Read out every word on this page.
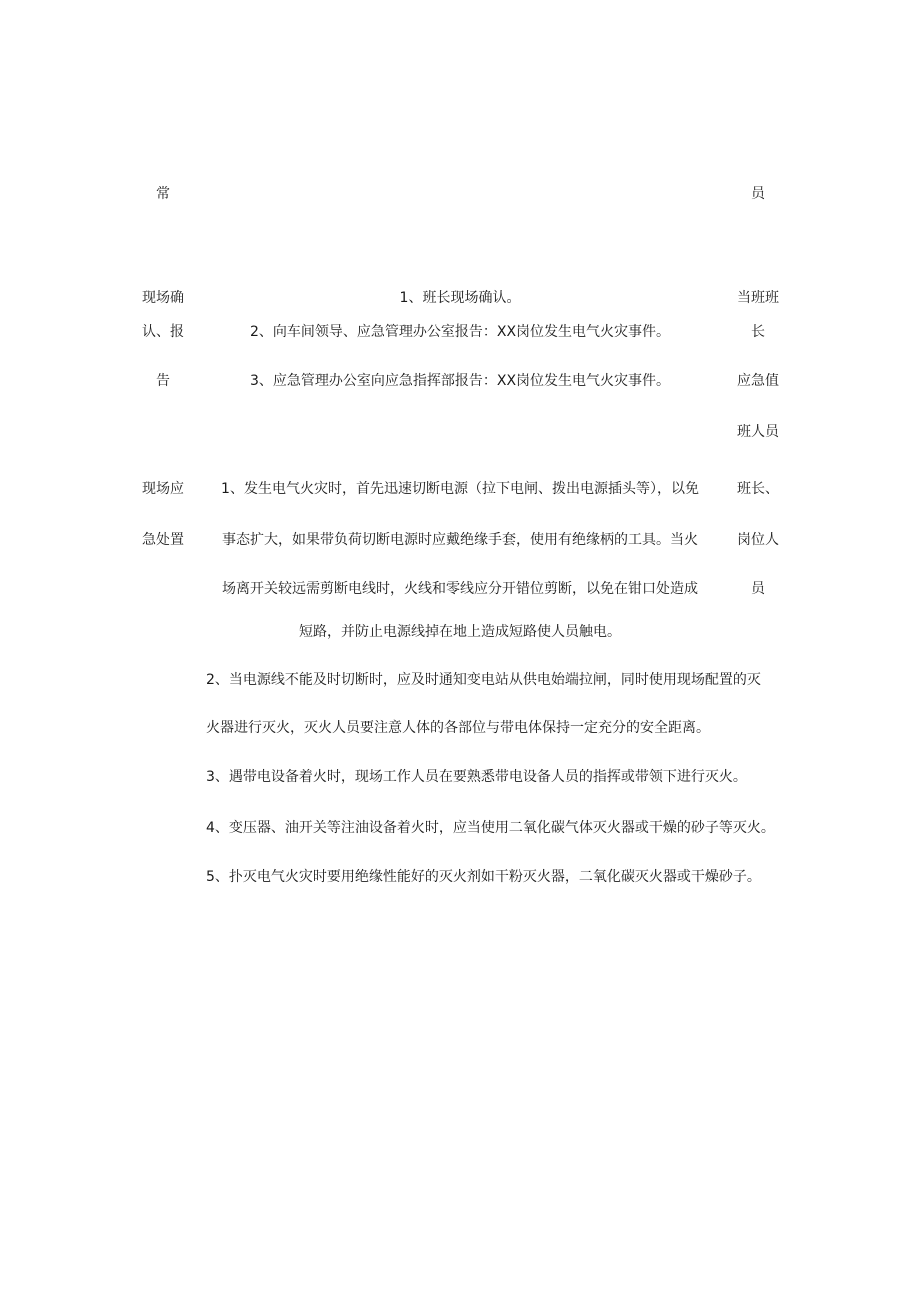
常	员
现场确
认、报
告
1、班长现场确认。
2、向车间领导、应急管理办公室报告：XX岗位发生电气火灾事件。
3、应急管理办公室向应急指挥部报告：XX岗位发生电气火灾事件。
当班班
长
应急值
班人员
现场应
急处置
1、发生电气火灾时，首先迅速切断电源（拉下电闸、拨出电源插头等），以免
事态扩大，如果带负荷切断电源时应戴绝缘手套，使用有绝缘柄的工具。当火
场离开关较远需剪断电线时，火线和零线应分开错位剪断，以免在钳口处造成
短路，并防止电源线掉在地上造成短路使人员触电。
2、当电源线不能及时切断时，应及时通知变电站从供电始端拉闸，同时使用现场配置的灭
火器进行灭火，灭火人员要注意人体的各部位与带电体保持一定充分的安全距离。
3、遇带电设备着火时，现场工作人员在要熟悉带电设备人员的指挥或带领下进行灭火。
4、变压器、油开关等注油设备着火时，应当使用二氧化碳气体灭火器或干燥的砂子等灭火。
5、扑灭电气火灾时要用绝缘性能好的灭火剂如干粉灭火器，二氧化碳灭火器或干燥砂子。
班长、
岗位人
员
